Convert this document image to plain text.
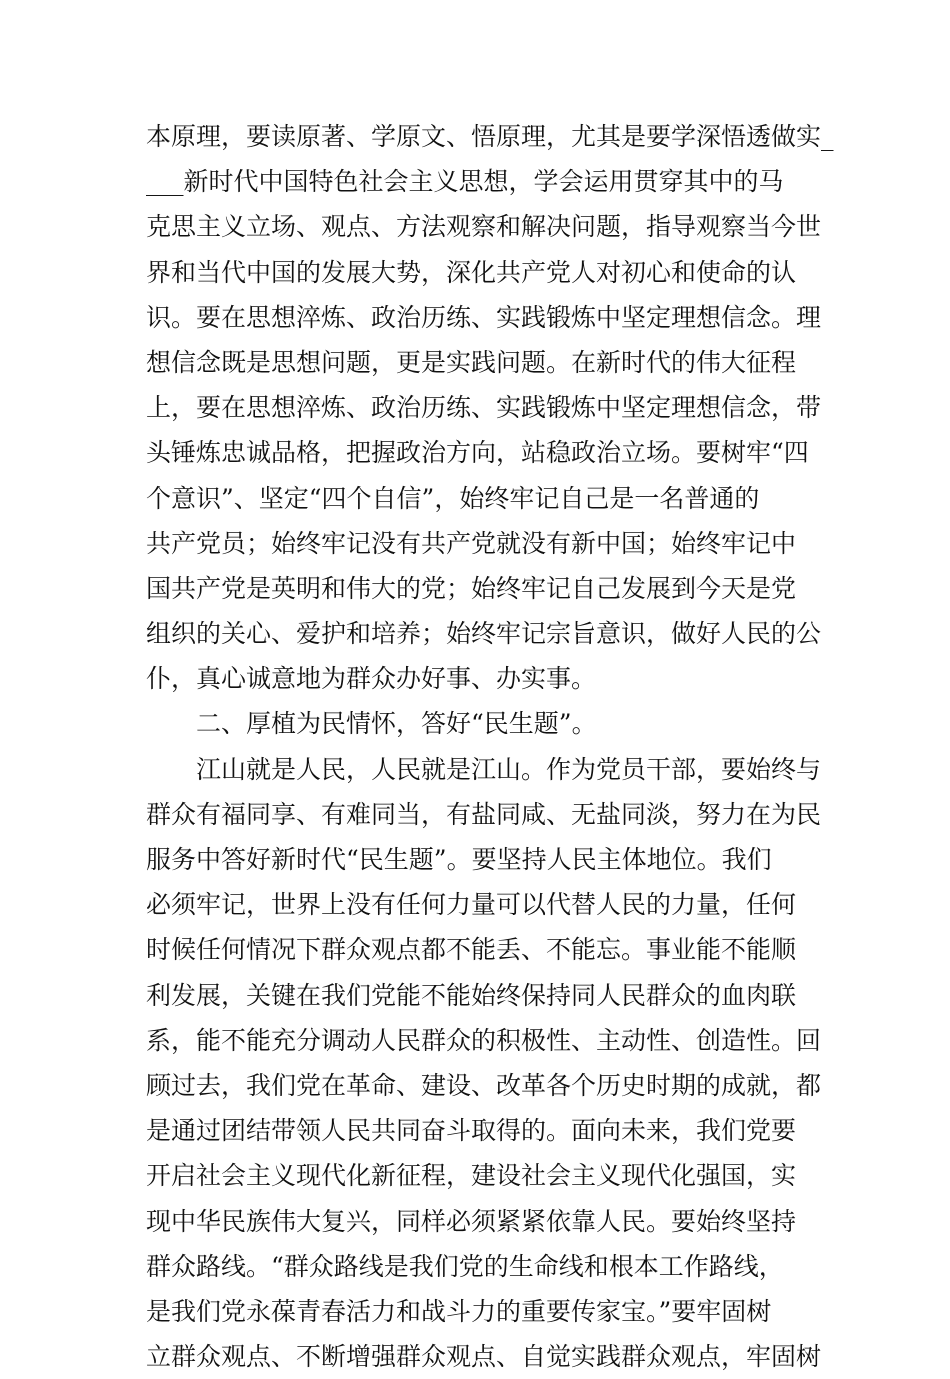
本原理，要读原著、学原文、悟原理，尤其是要学深悟透做实_
___新时代中国特色社会主义思想，学会运用贯穿其中的马
克思主义立场、观点、方法观察和解决问题，指导观察当今世
界和当代中国的发展大势，深化共产党人对初心和使命的认
识。要在思想淬炼、政治历练、实践锻炼中坚定理想信念。理
想信念既是思想问题，更是实践问题。在新时代的伟大征程
上，要在思想淬炼、政治历练、实践锻炼中坚定理想信念，带
头锤炼忠诚品格，把握政治方向，站稳政治立场。要树牢“四
个意识”、坚定“四个自信”，始终牢记自己是一名普通的
共产党员；始终牢记没有共产党就没有新中国；始终牢记中
国共产党是英明和伟大的党；始终牢记自己发展到今天是党
组织的关心、爱护和培养；始终牢记宗旨意识，做好人民的公
仆，真心诚意地为群众办好事、办实事。
二、厚植为民情怀，答好“民生题”。
江山就是人民，人民就是江山。作为党员干部，要始终与
群众有福同享、有难同当，有盐同咸、无盐同淡，努力在为民
服务中答好新时代“民生题”。要坚持人民主体地位。我们
必须牢记，世界上没有任何力量可以代替人民的力量，任何
时候任何情况下群众观点都不能丢、不能忘。事业能不能顺
利发展，关键在我们党能不能始终保持同人民群众的血肉联
系，能不能充分调动人民群众的积极性、主动性、创造性。回
顾过去，我们党在革命、建设、改革各个历史时期的成就，都
是通过团结带领人民共同奋斗取得的。面向未来，我们党要
开启社会主义现代化新征程，建设社会主义现代化强国，实
现中华民族伟大复兴，同样必须紧紧依靠人民。要始终坚持
群众路线。“群众路线是我们党的生命线和根本工作路线，
是我们党永葆青春活力和战斗力的重要传家宝。”要牢固树
立群众观点、不断增强群众观点、自觉实践群众观点，牢固树
